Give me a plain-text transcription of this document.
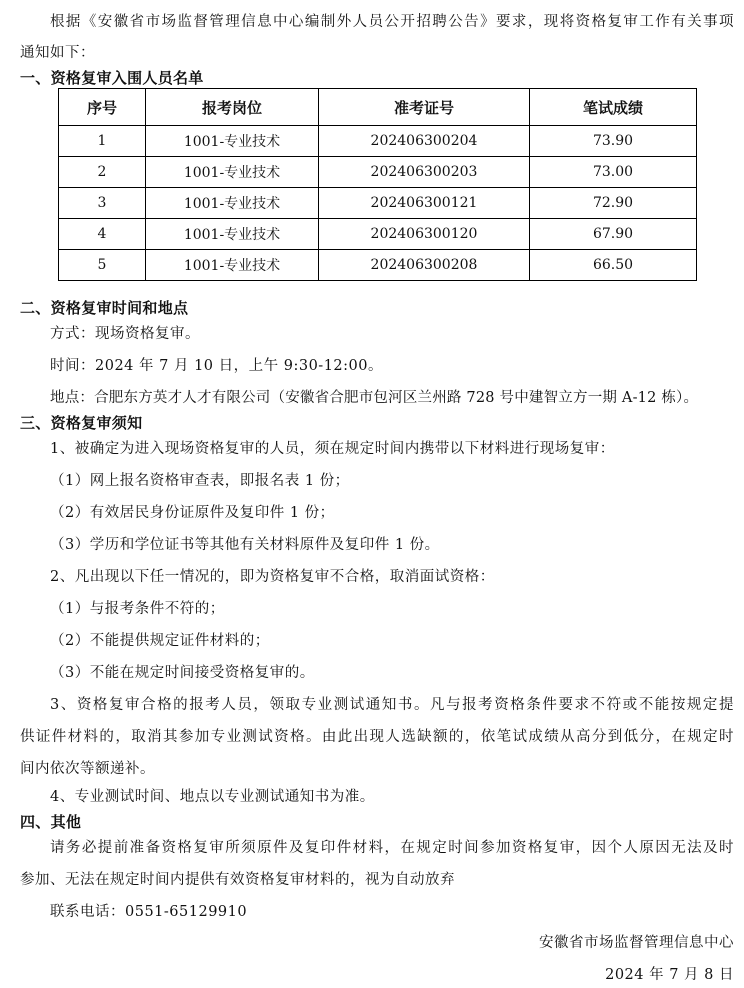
根据《安徽省市场监督管理信息中心编制外人员公开招聘公告》要求，现将资格复审工作有关事项
通知如下：
一、资格复审入围人员名单
序号	报考岗位	准考证号	笔试成绩
1	1001-专业技术	202406300204	73.90
2	1001-专业技术	202406300203	73.00
3	1001-专业技术	202406300121	72.90
4	1001-专业技术	202406300120	67.90
5	1001-专业技术	202406300208	66.50
二、资格复审时间和地点
方式：现场资格复审。
时间：2024 年 7 月 10 日，上午 9:30-12:00。
地点：合肥东方英才人才有限公司（安徽省合肥市包河区兰州路 728 号中建智立方一期 A-12 栋）。
三、资格复审须知
1、被确定为进入现场资格复审的人员，须在规定时间内携带以下材料进行现场复审：
（1）网上报名资格审查表，即报名表 1 份；
（2）有效居民身份证原件及复印件 1 份；
（3）学历和学位证书等其他有关材料原件及复印件 1 份。
2、凡出现以下任一情况的，即为资格复审不合格，取消面试资格：
（1）与报考条件不符的；
（2）不能提供规定证件材料的；
（3）不能在规定时间接受资格复审的。
3、资格复审合格的报考人员，领取专业测试通知书。凡与报考资格条件要求不符或不能按规定提
供证件材料的，取消其参加专业测试资格。由此出现人选缺额的，依笔试成绩从高分到低分，在规定时
间内依次等额递补。
4、专业测试时间、地点以专业测试通知书为准。
四、其他
请务必提前准备资格复审所须原件及复印件材料，在规定时间参加资格复审，因个人原因无法及时
参加、无法在规定时间内提供有效资格复审材料的，视为自动放弃
联系电话：0551-65129910
安徽省市场监督管理信息中心
2024 年 7 月 8 日
